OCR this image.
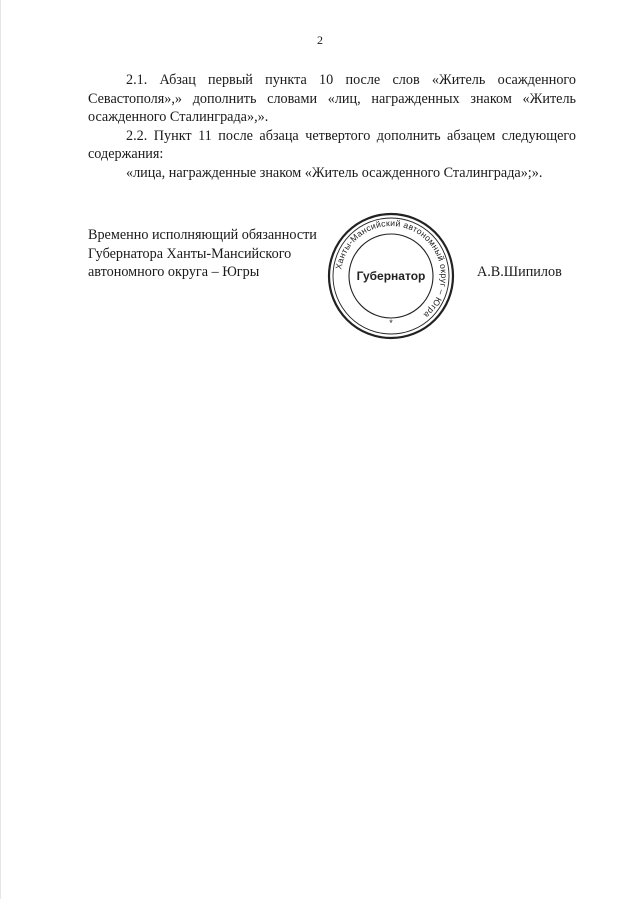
2

2.1. Абзац первый пункта 10 после слов «Житель осажденного Севастополя»,» дополнить словами «лиц, награжденных знаком «Житель осажденного Сталинграда»,».

2.2. Пункт 11 после абзаца четвертого дополнить абзацем следующего содержания:

«лица, награжденные знаком «Житель осажденного Сталинграда»;».

Временно исполняющий обязанности
Губернатора Ханты-Мансийского
автономного округа – Югры	Ханты-Мансийский автономный округ – Югра
Губернатор
*
А.В.Шипилов
